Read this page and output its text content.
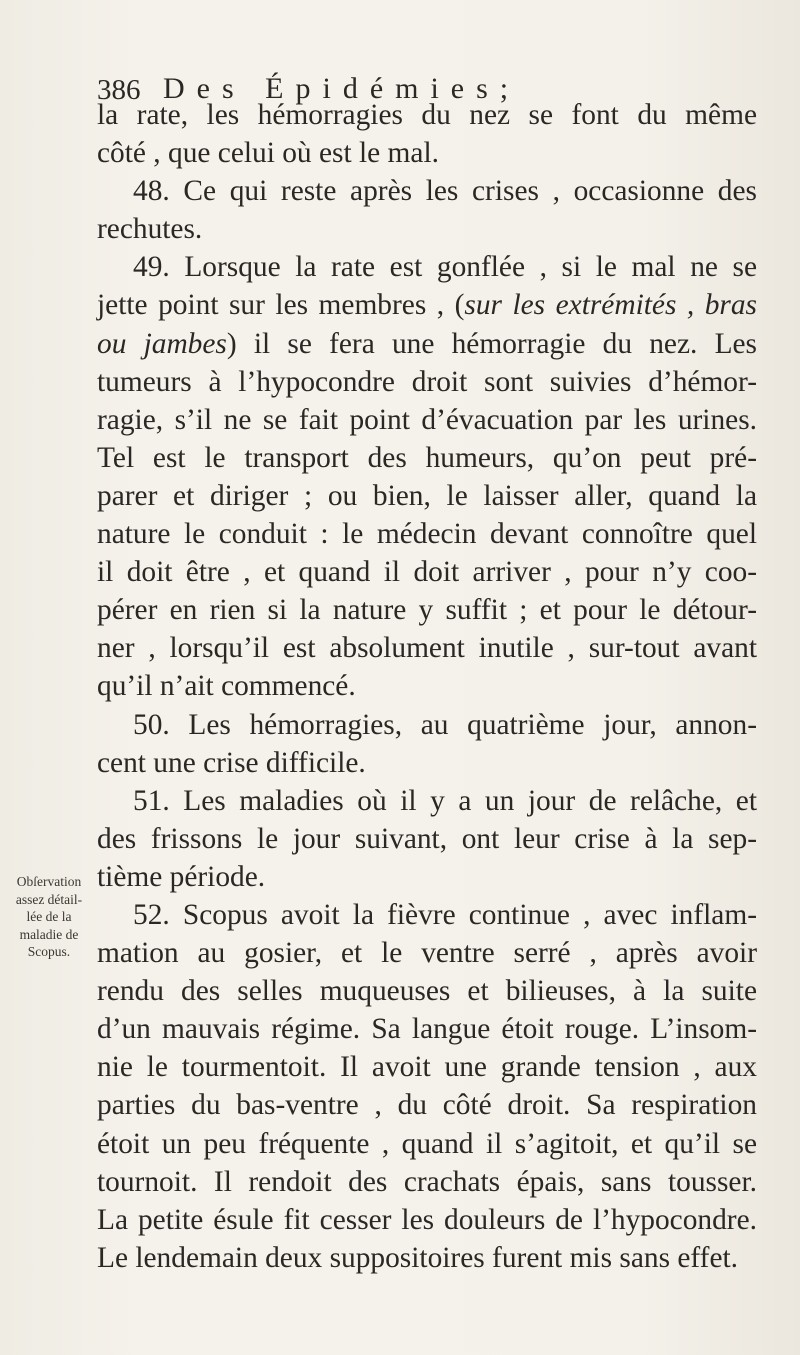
386 Des Épidémies;
Obſervation
assez détail-
lée de la
maladie de
Scopus.
la rate, les hémorragies du nez se font du même
côté , que celui où est le mal.
48. Ce qui reste après les crises , occasionne des
rechutes.
49. Lorsque la rate est gonflée , si le mal ne se
jette point sur les membres , (sur les extrémités , bras
ou jambes) il se fera une hémorragie du nez. Les
tumeurs à l’hypocondre droit sont suivies d’hémor-
ragie, s’il ne se fait point d’évacuation par les urines.
Tel est le transport des humeurs, qu’on peut pré-
parer et diriger ; ou bien, le laisser aller, quand la
nature le conduit : le médecin devant connoître quel
il doit être , et quand il doit arriver , pour n’y coo-
pérer en rien si la nature y suffit ; et pour le détour-
ner , lorsqu’il est absolument inutile , sur-tout avant
qu’il n’ait commencé.
50. Les hémorragies, au quatrième jour, annon-
cent une crise difficile.
51. Les maladies où il y a un jour de relâche, et
des frissons le jour suivant, ont leur crise à la sep-
tième période.
52. Scopus avoit la fièvre continue , avec inflam-
mation au gosier, et le ventre serré , après avoir
rendu des selles muqueuses et bilieuses, à la suite
d’un mauvais régime. Sa langue étoit rouge. L’insom-
nie le tourmentoit. Il avoit une grande tension , aux
parties du bas-ventre , du côté droit. Sa respiration
étoit un peu fréquente , quand il s’agitoit, et qu’il se
tournoit. Il rendoit des crachats épais, sans tousser.
La petite ésule fit cesser les douleurs de l’hypocondre.
Le lendemain deux suppositoires furent mis sans effet.
